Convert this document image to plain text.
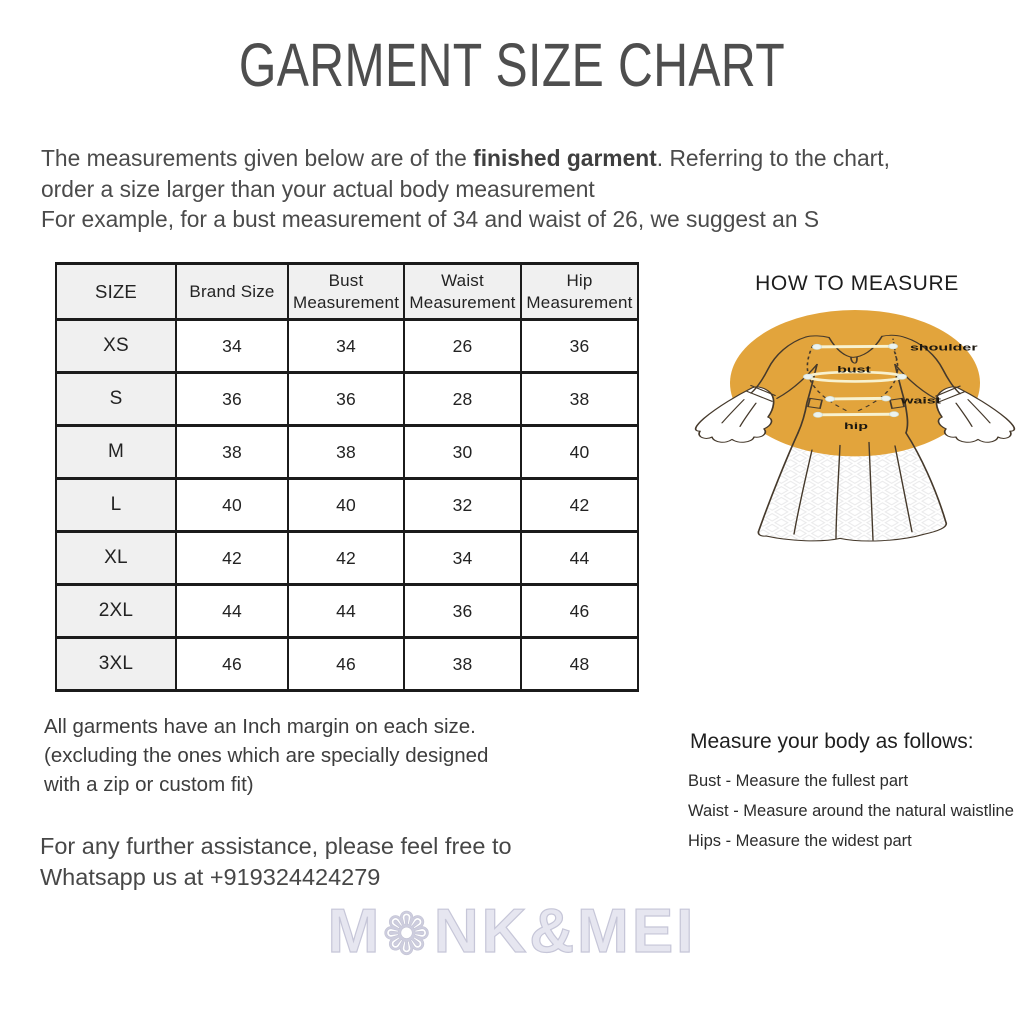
GARMENT SIZE CHART
The measurements given below are of the finished garment. Referring to the chart,
order a size larger than your actual body measurement
For example, for a bust measurement of 34 and waist of 26, we suggest an S
SIZE	Brand Size	Bust Measurement	Waist Measurement	Hip Measurement
XS	34	34	26	36
S	36	36	28	38
M	38	38	30	40
L	40	40	32	42
XL	42	42	34	44
2XL	44	44	36	46
3XL	46	46	38	48
HOW TO MEASURE
shoulder
bust
waist
hip
All garments have an Inch margin on each size.
(excluding the ones which are specially designed
with a zip or custom fit)
For any further assistance, please feel free to
Whatsapp us at +919324424279
Measure your body as follows:
Bust - Measure the fullest part
Waist - Measure around the natural waistline
Hips - Measure the widest part
M❁NK&MEI
